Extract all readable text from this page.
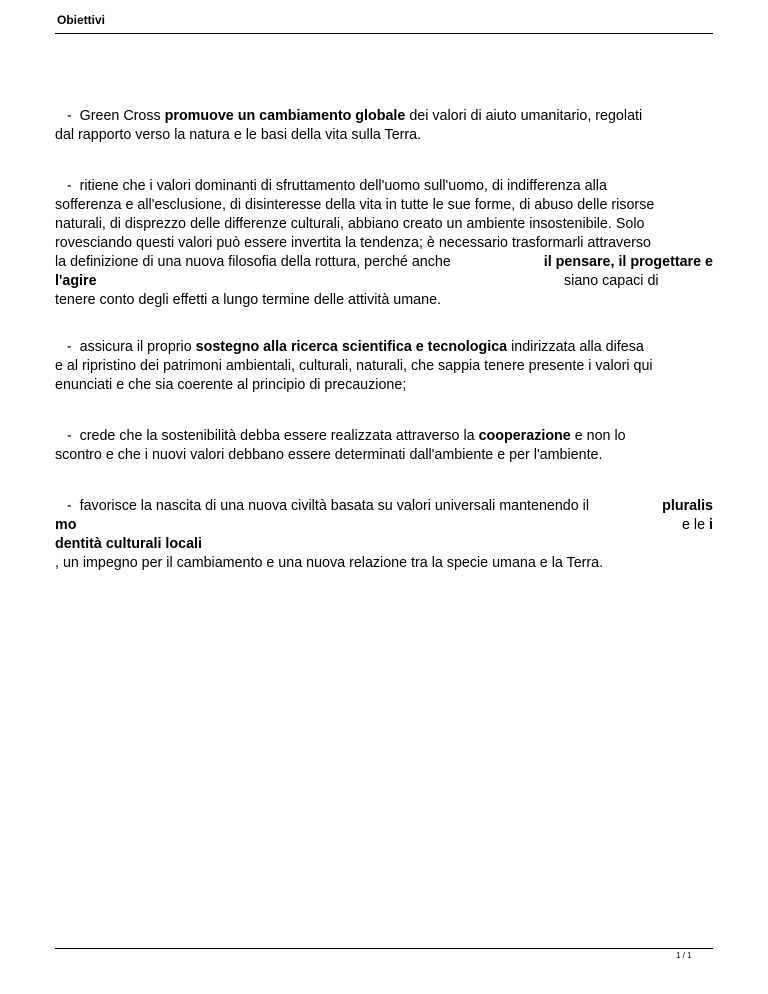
Obiettivi
-  Green Cross promuove un cambiamento globale dei valori di aiuto umanitario, regolati
dal rapporto verso la natura e le basi della vita sulla Terra.
-  ritiene che i valori dominanti di sfruttamento dell'uomo sull'uomo, di indifferenza alla
sofferenza e all'esclusione, di disinteresse della vita in tutte le sue forme, di abuso delle risorse
naturali, di disprezzo delle differenze culturali, abbiano creato un ambiente insostenibile. Solo
rovesciando questi valori può essere invertita la tendenza; è necessario trasformarli attraverso
la definizione di una nuova filosofia della rottura, perché anche	il pensare, il progettare e
l'agire	siano capaci di
tenere conto degli effetti a lungo termine delle attività umane.
-  assicura il proprio sostegno alla ricerca scientifica e tecnologica indirizzata alla difesa
e al ripristino dei patrimoni ambientali, culturali, naturali, che sappia tenere presente i valori qui
enunciati e che sia coerente al principio di precauzione;
-  crede che la sostenibilità debba essere realizzata attraverso la cooperazione e non lo
scontro e che i nuovi valori debbano essere determinati dall'ambiente e per l'ambiente.
-  favorisce la nascita di una nuova civiltà basata su valori universali mantenendo il	pluralis
mo	e le i
dentità culturali locali
, un impegno per il cambiamento e una nuova relazione tra la specie umana e la Terra.
1 / 1
